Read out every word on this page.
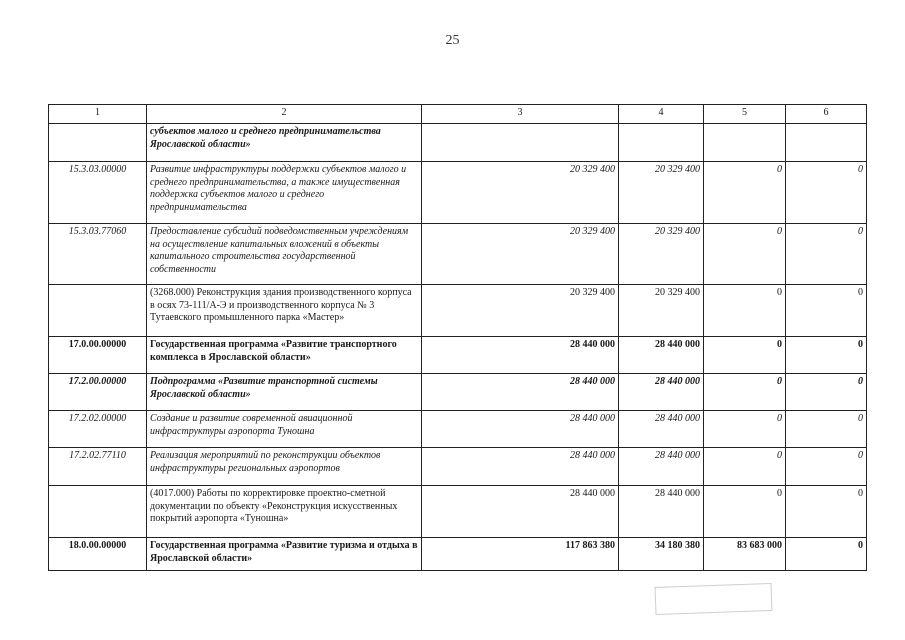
25
1	2	3	4	5	6
	субъектов малого и среднего предпринимательства Ярославской области»				
15.3.03.00000	Развитие инфраструктуры поддержки субъектов малого и среднего предпринимательства, а также имущественная поддержка субъектов малого и среднего предпринимательства	20 329 400	20 329 400	0	0
15.3.03.77060	Предоставление субсидий подведомственным учреждениям на осуществление капитальных вложений в объекты капитального строительства государственной собственности	20 329 400	20 329 400	0	0
	(3268.000) Реконструкция здания производственного корпуса в осях 73-111/А-Э и производственного корпуса № 3 Тутаевского промышленного парка «Мастер»	20 329 400	20 329 400	0	0
17.0.00.00000	Государственная программа «Развитие транспортного комплекса в Ярославской области»	28 440 000	28 440 000	0	0
17.2.00.00000	Подпрограмма «Развитие транспортной системы Ярославской области»	28 440 000	28 440 000	0	0
17.2.02.00000	Создание и развитие современной авиационной инфраструктуры аэропорта Туношна	28 440 000	28 440 000	0	0
17.2.02.77110	Реализация мероприятий по реконструкции объектов инфраструктуры региональных аэропортов	28 440 000	28 440 000	0	0
	(4017.000) Работы по корректировке проектно-сметной документации по объекту «Реконструкция искусственных покрытий аэропорта «Туношна»	28 440 000	28 440 000	0	0
18.0.00.00000	Государственная программа «Развитие туризма и отдыха в Ярославской области»	117 863 380	34 180 380	83 683 000	0
